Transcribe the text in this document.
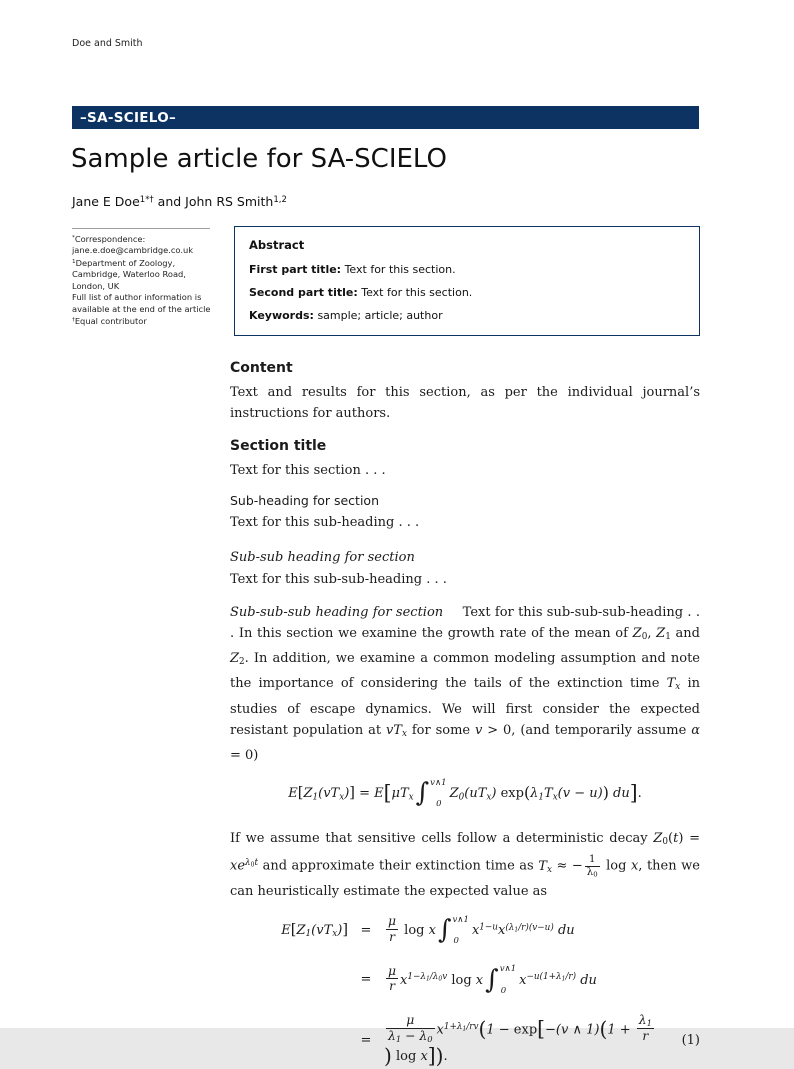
Doe and Smith
–SA-SCIELO–
Sample article for SA-SCIELO
Jane E Doe$^{1*\dagger}$ and John RS Smith$^{1,2}$
*Correspondence:
jane.e.doe@cambridge.co.uk
$^1$Department of Zoology,
Cambridge, Waterloo Road,
London, UK
Full list of author information is
available at the end of the article
†Equal contributor
Abstract

First part title: Text for this section.

Second part title: Text for this section.

Keywords: sample; article; author

Content

Text and results for this section, as per the individual journal’s instructions for authors.

Section title

Text for this section . . .

Sub-heading for section

Text for this sub-heading . . .

Sub-sub heading for section

Text for this sub-sub-heading . . .

Sub-sub-sub heading for section  Text for this sub-sub-sub-heading . . . In this section we examine the growth rate of the mean of $Z_0$, $Z_1$ and $Z_2$. In addition, we examine a common modeling assumption and note the importance of considering the tails of the extinction time $T_x$ in studies of escape dynamics. We will first consider the expected resistant population at $vT_x$ for some v > 0, (and temporarily assume α = 0)

$E[Z_1(vT_x)] = E[\mu T_x$ ∫ v∧1
0
$Z_0(uT_x) \exp(\lambda_1T_x(v - u))$ du].

If we assume that sensitive cells follow a deterministic decay $Z_0(t) = xe^{\lambda_0t}$ and approximate their extinction time as $T_x$ ≈ − $\frac{1}{\lambda_0}$ log x, then we can heuristically estimate the expected value as

$E[Z_1(vT_x)]$ =	$\frac{\mu}{r}$ log x ∫ v∧1
0
$x^{1-u}x^{(\lambda_1/r)(v-u)}$ du
=	$\frac{\mu}{r} x^{1-\lambda_1/\lambda_0v}$ log x ∫ v∧1
0
$x^{-u(1+\lambda_1/r)}$ du
=	$\frac{\mu}{\lambda_1 - \lambda_0} x^{1+\lambda_1/rv}(1 - \exp[-(v$ ∧ $1)(1 + \frac{\lambda_1}{r}$
) log x]).
(1)
